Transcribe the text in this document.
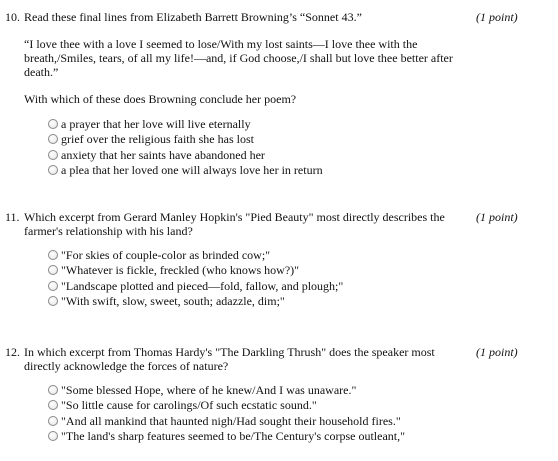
10. Read these final lines from Elizabeth Barrett Browning’s “Sonnet 43.”	(1 point)
“I love thee with a love I seemed to lose/With my lost saints—I love thee with the breath,/Smiles, tears, of all my life!—and, if God choose,/I shall but love thee better after death.”
With which of these does Browning conclude her poem?
a prayer that her love will live eternally
grief over the religious faith she has lost
anxiety that her saints have abandoned her
a plea that her loved one will always love her in return
11. Which excerpt from Gerard Manley Hopkin's "Pied Beauty" most directly describes the farmer's relationship with his land?
(1 point)
"For skies of couple-color as brinded cow;"
"Whatever is fickle, freckled (who knows how?)"
"Landscape plotted and pieced—fold, fallow, and plough;"
"With swift, slow, sweet, south; adazzle, dim;"
12. In which excerpt from Thomas Hardy's "The Darkling Thrush" does the speaker most directly acknowledge the forces of nature?
(1 point)
"Some blessed Hope, where of he knew/And I was unaware."
"So little cause for carolings/Of such ecstatic sound."
"And all mankind that haunted nigh/Had sought their household fires."
"The land's sharp features seemed to be/The Century's corpse outleant,"
